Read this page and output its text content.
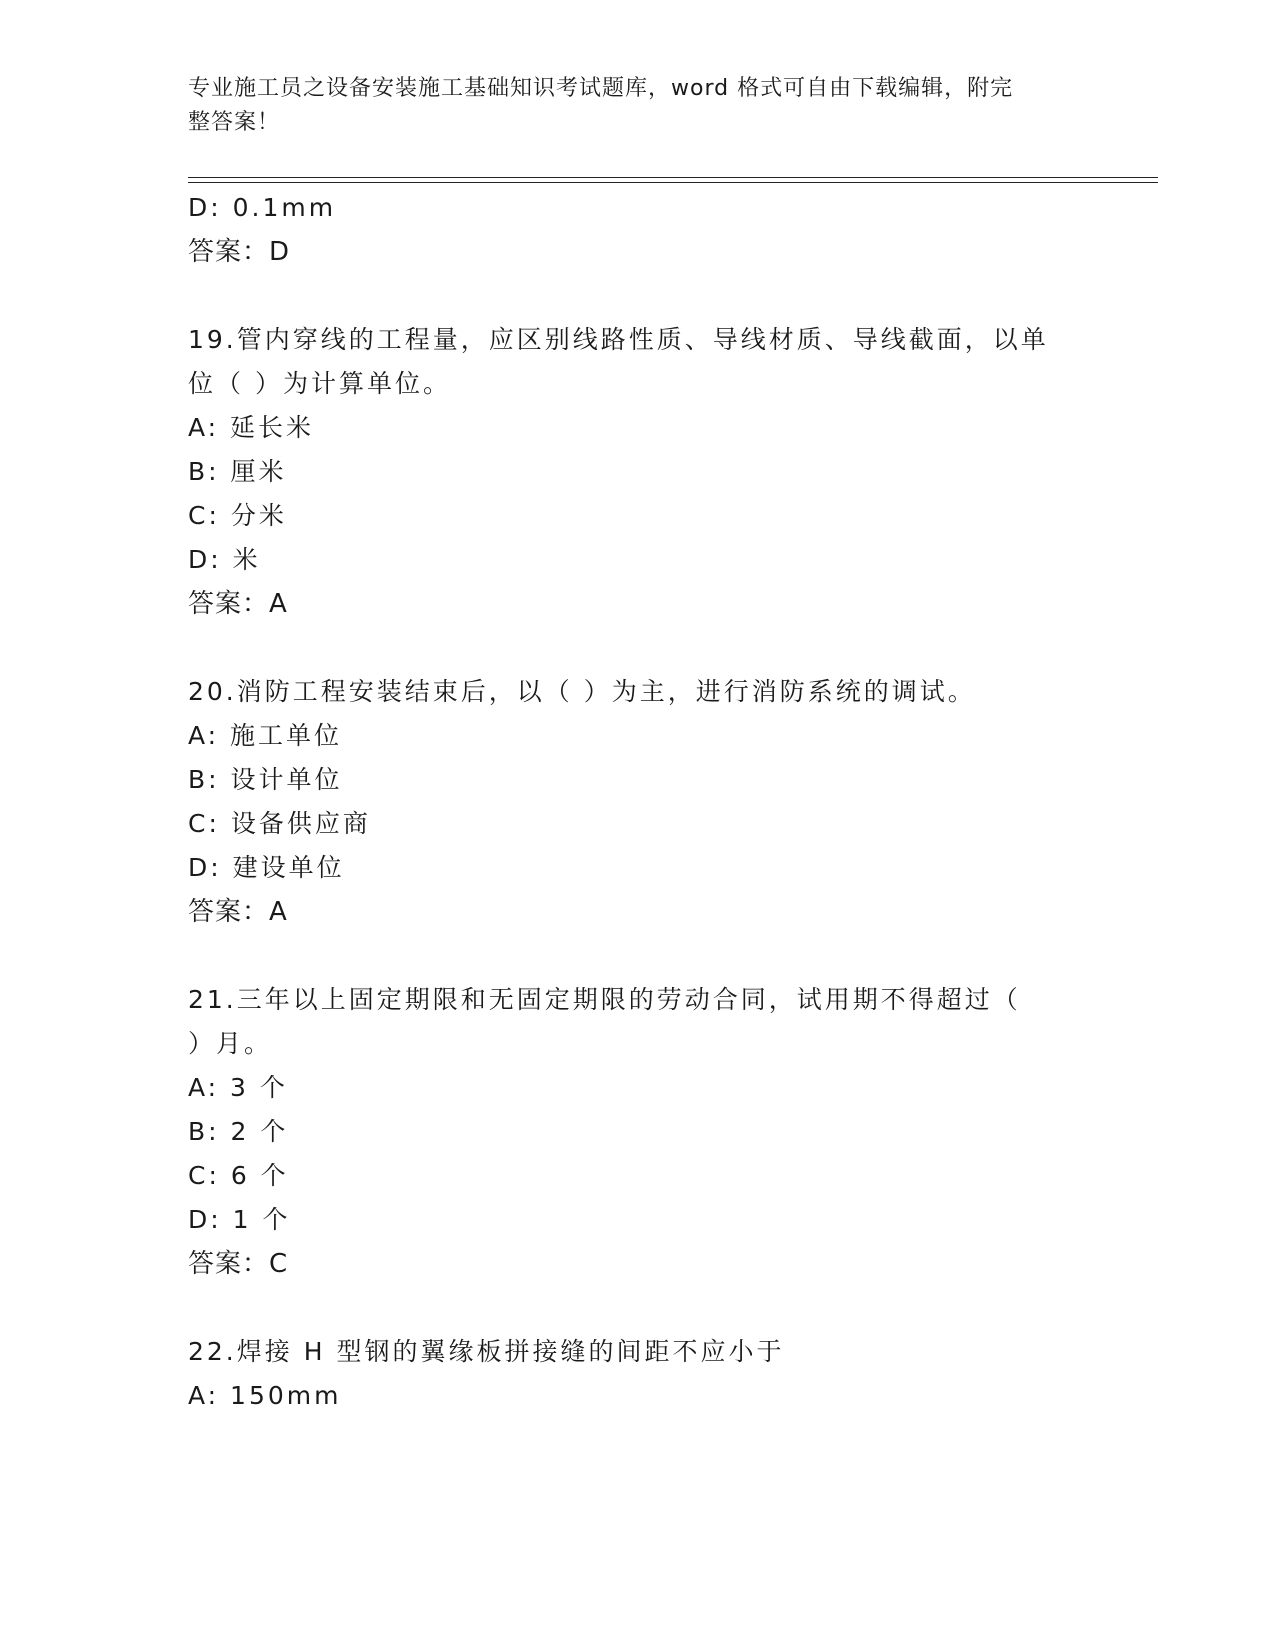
专业施工员之设备安装施工基础知识考试题库，word 格式可自由下载编辑，附完
整答案！
D: 0.1mm
答案：D
19.管内穿线的工程量，应区别线路性质、导线材质、导线截面，以单
位（ ）为计算单位。
A: 延长米
B: 厘米
C: 分米
D: 米
答案：A
20.消防工程安装结束后，以（ ）为主，进行消防系统的调试。
A: 施工单位
B: 设计单位
C: 设备供应商
D: 建设单位
答案：A
21.三年以上固定期限和无固定期限的劳动合同，试用期不得超过（
）月。
A: 3 个
B: 2 个
C: 6 个
D: 1 个
答案：C
22.焊接 H 型钢的翼缘板拼接缝的间距不应小于
A: 150mm
